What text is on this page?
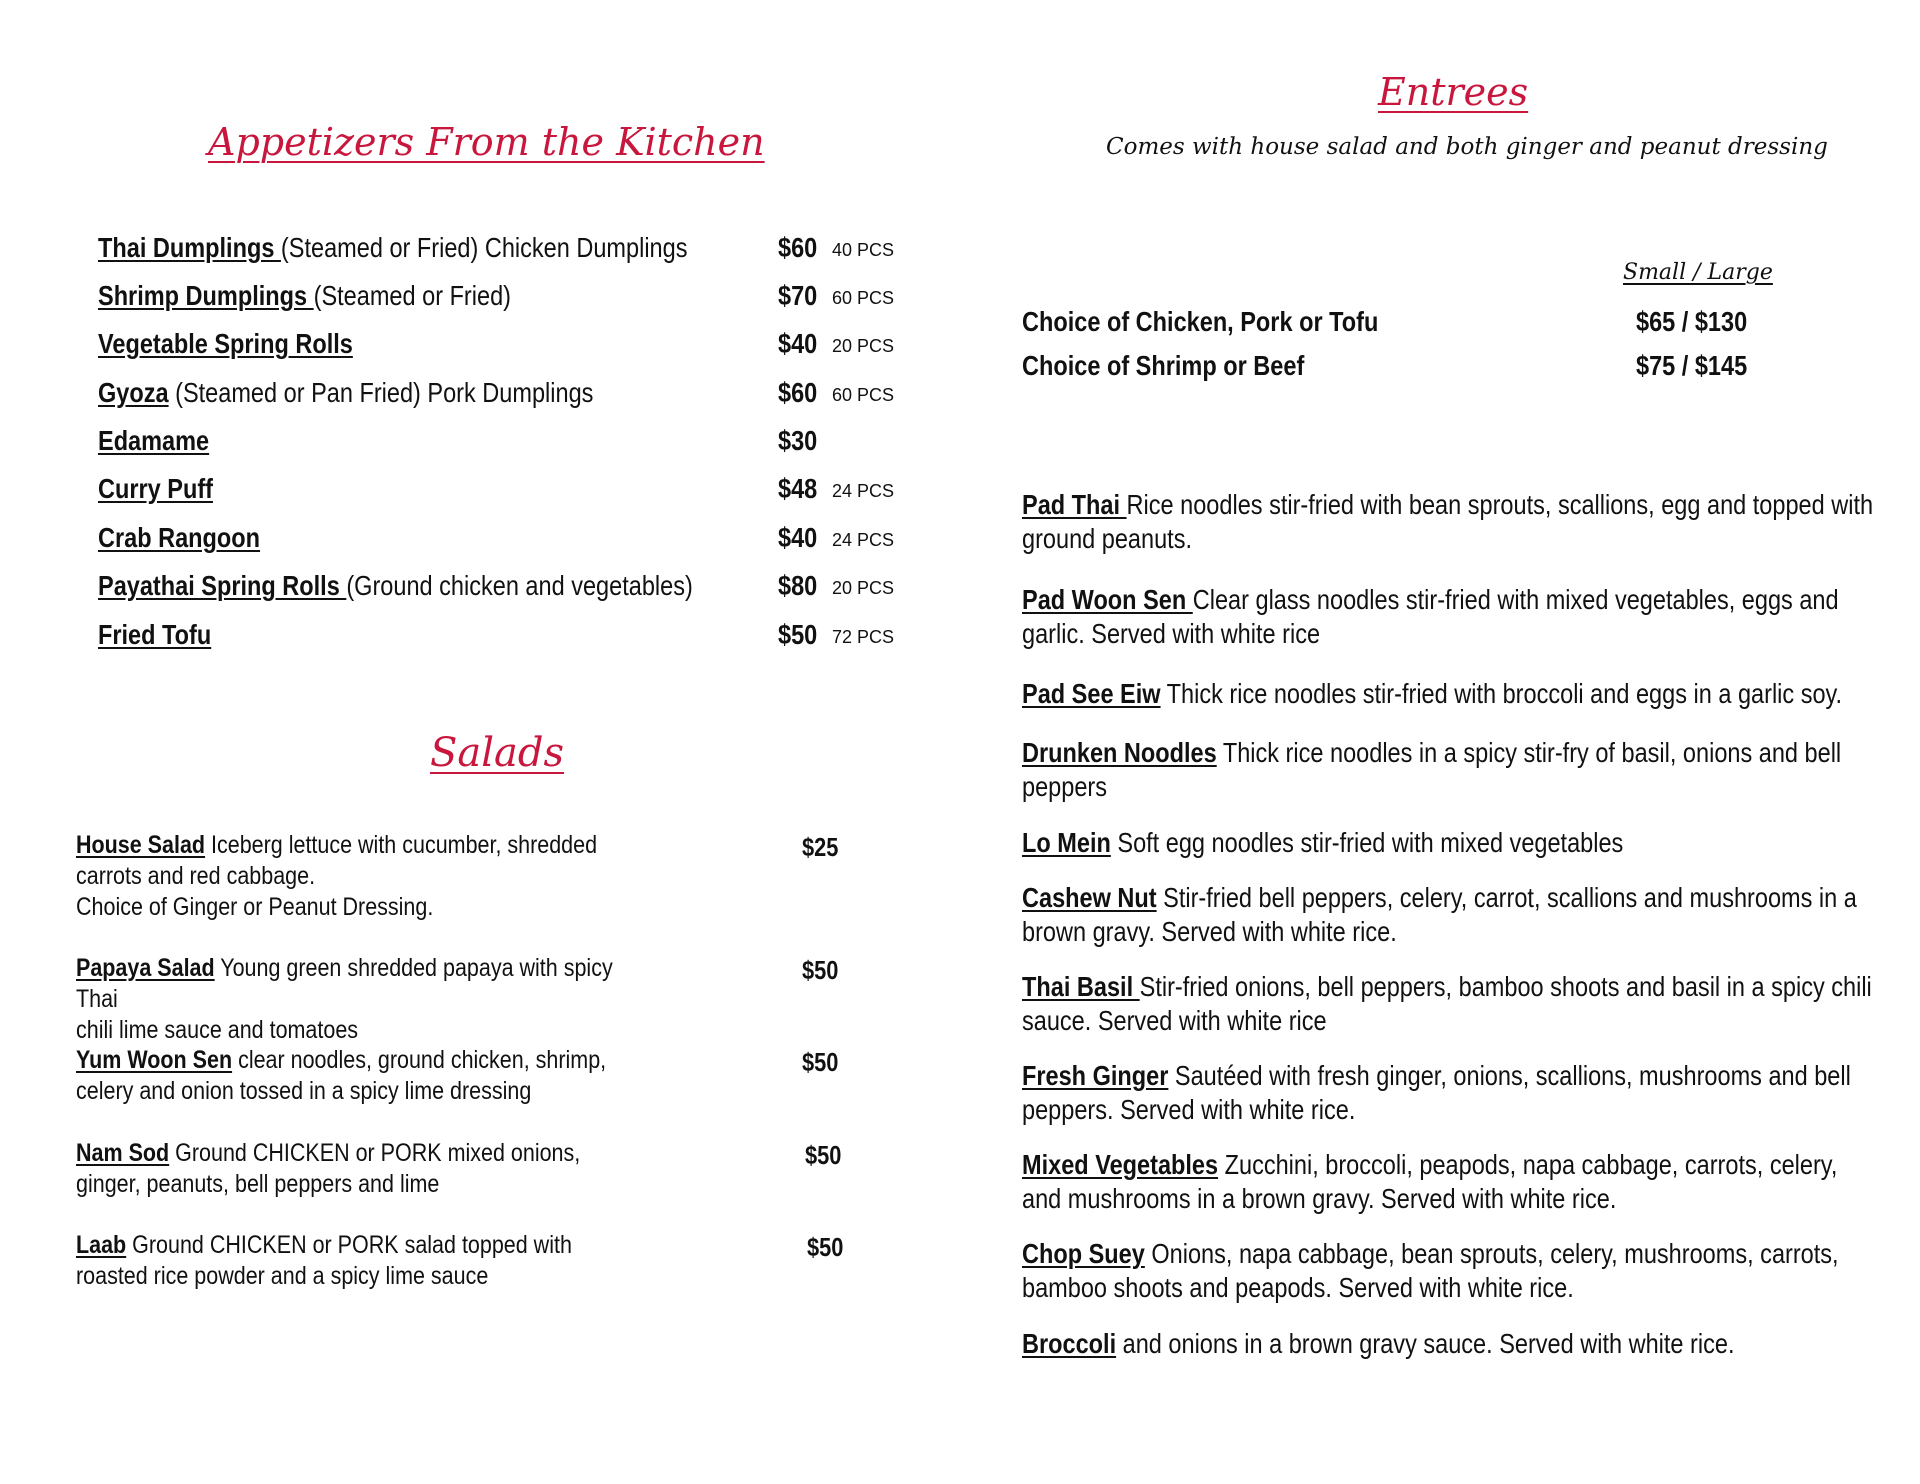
Appetizers From the Kitchen
Thai Dumplings (Steamed or Fried) Chicken Dumplings	$60 40 PCS
Shrimp Dumplings (Steamed or Fried)	$70 60 PCS
Vegetable Spring Rolls	$40 20 PCS
Gyoza (Steamed or Pan Fried) Pork Dumplings	$60 60 PCS
Edamame	$30
Curry Puff	$48 24 PCS
Crab Rangoon	$40 24 PCS
Payathai Spring Rolls (Ground chicken and vegetables)	$80 20 PCS
Fried Tofu	$50 72 PCS
Salads
House Salad Iceberg lettuce with cucumber, shredded
carrots and red cabbage.
Choice of Ginger or Peanut Dressing.
$25
Papaya Salad Young green shredded papaya with spicy Thai
chili lime sauce and tomatoes
$50
Yum Woon Sen clear noodles, ground chicken, shrimp,
celery and onion tossed in a spicy lime dressing
$50
Nam Sod Ground CHICKEN or PORK mixed onions,
ginger, peanuts, bell peppers and lime
$50
Laab Ground CHICKEN or PORK salad topped with
roasted rice powder and a spicy lime sauce
$50
Entrees
Comes with house salad and both ginger and peanut dressing
Small / Large
Choice of Chicken, Pork or Tofu	$65 / $130
Choice of Shrimp or Beef	$75 / $145
Pad Thai Rice noodles stir-fried with bean sprouts, scallions, egg and topped with ground peanuts.
Pad Woon Sen Clear glass noodles stir-fried with mixed vegetables, eggs and garlic. Served with white rice
Pad See Eiw Thick rice noodles stir-fried with broccoli and eggs in a garlic soy.
Drunken Noodles Thick rice noodles in a spicy stir-fry of basil, onions and bell peppers
Lo Mein Soft egg noodles stir-fried with mixed vegetables
Cashew Nut Stir-fried bell peppers, celery, carrot, scallions and mushrooms in a brown gravy. Served with white rice.
Thai Basil Stir-fried onions, bell peppers, bamboo shoots and basil in a spicy chili sauce. Served with white rice
Fresh Ginger Sautéed with fresh ginger, onions, scallions, mushrooms and bell peppers. Served with white rice.
Mixed Vegetables Zucchini, broccoli, peapods, napa cabbage, carrots, celery, and mushrooms in a brown gravy. Served with white rice.
Chop Suey Onions, napa cabbage, bean sprouts, celery, mushrooms, carrots, bamboo shoots and peapods. Served with white rice.
Broccoli and onions in a brown gravy sauce. Served with white rice.
